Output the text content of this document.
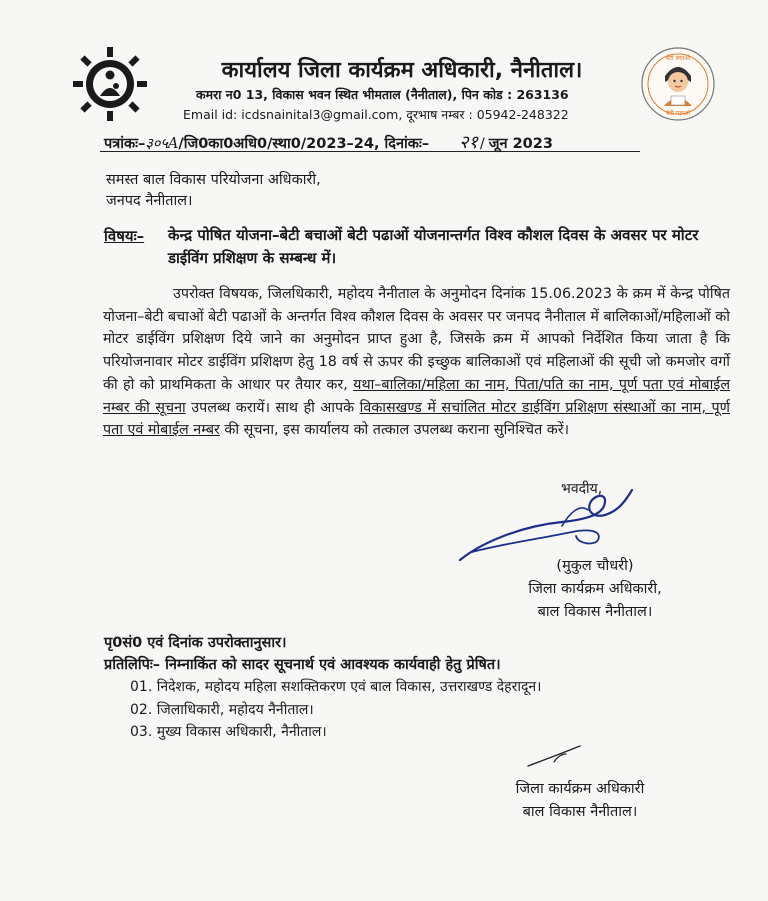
कार्यालय जिला कार्यक्रम अधिकारी, नैनीताल।
कमरा न0 13, विकास भवन स्थित भीमताल (नैनीताल), पिन कोड : 263136
Email id: icdsnainital3@gmail.com, दूरभाष नम्बर : 05942-248322
बेटी बचाओ
बेटी पढ़ाओ
पत्रांकः–३०५A/जि0का0अधि0/स्था0/2023–24, दिनांकः– २१ / जून 2023
समस्त बाल विकास परियोजना अधिकारी,
जनपद नैनीताल।
विषयः– केन्द्र पोषित योजना–बेटी बचाओं बेटी पढाओं योजनान्तर्गत विश्व कौशल दिवस के अवसर पर मोटर डाईविंग प्रशिक्षण के सम्बन्ध में।

उपरोक्त विषयक, जिलधिकारी, महोदय नैनीताल के अनुमोदन दिनांक 15.06.2023 के क्रम में केन्द्र पोषित योजना–बेटी बचाओं बेटी पढाओं के अन्तर्गत विश्व कौशल दिवस के अवसर पर जनपद नैनीताल में बालिकाओं/महिलाओं को मोटर डाईविंग प्रशिक्षण दिये जाने का अनुमोदन प्राप्त हुआ है, जिसके क्रम में आपको निर्देशित किया जाता है कि परियोजनावार मोटर डाईविंग प्रशिक्षण हेतु 18 वर्ष से ऊपर की इच्छुक बालिकाओं एवं महिलाओं की सूची जो कमजोर वर्गो की हो को प्राथमिकता के आधार पर तैयार कर, यथा–बालिका/महिला का नाम, पिता/पति का नाम, पूर्ण पता एवं मोबाईल नम्बर की सूचना उपलब्ध करायें। साथ ही आपके विकासखण्ड में सचांलित मोटर डाईविंग प्रशिक्षण संस्थाओं का नाम, पूर्ण पता एवं मोबाईल नम्बर की सूचना, इस कार्यालय को तत्काल उपलब्ध कराना सुनिश्चित करें।

भवदीय,
(मुकुल चौधरी)
जिला कार्यक्रम अधिकारी,
बाल विकास नैनीताल।
पृ0सं0 एवं दिनांक उपरोक्तानुसार।
प्रतिलिपिः– निम्नाकिंत को सादर सूचनार्थ एवं आवश्यक कार्यवाही हेतु प्रेषित।
01. निदेशक, महोदय महिला सशक्तिकरण एवं बाल विकास, उत्तराखण्ड देहरादून।
02. जिलाधिकारी, महोदय नैनीताल।
03. मुख्य विकास अधिकारी, नैनीताल।
जिला कार्यक्रम अधिकारी
बाल विकास नैनीताल।
